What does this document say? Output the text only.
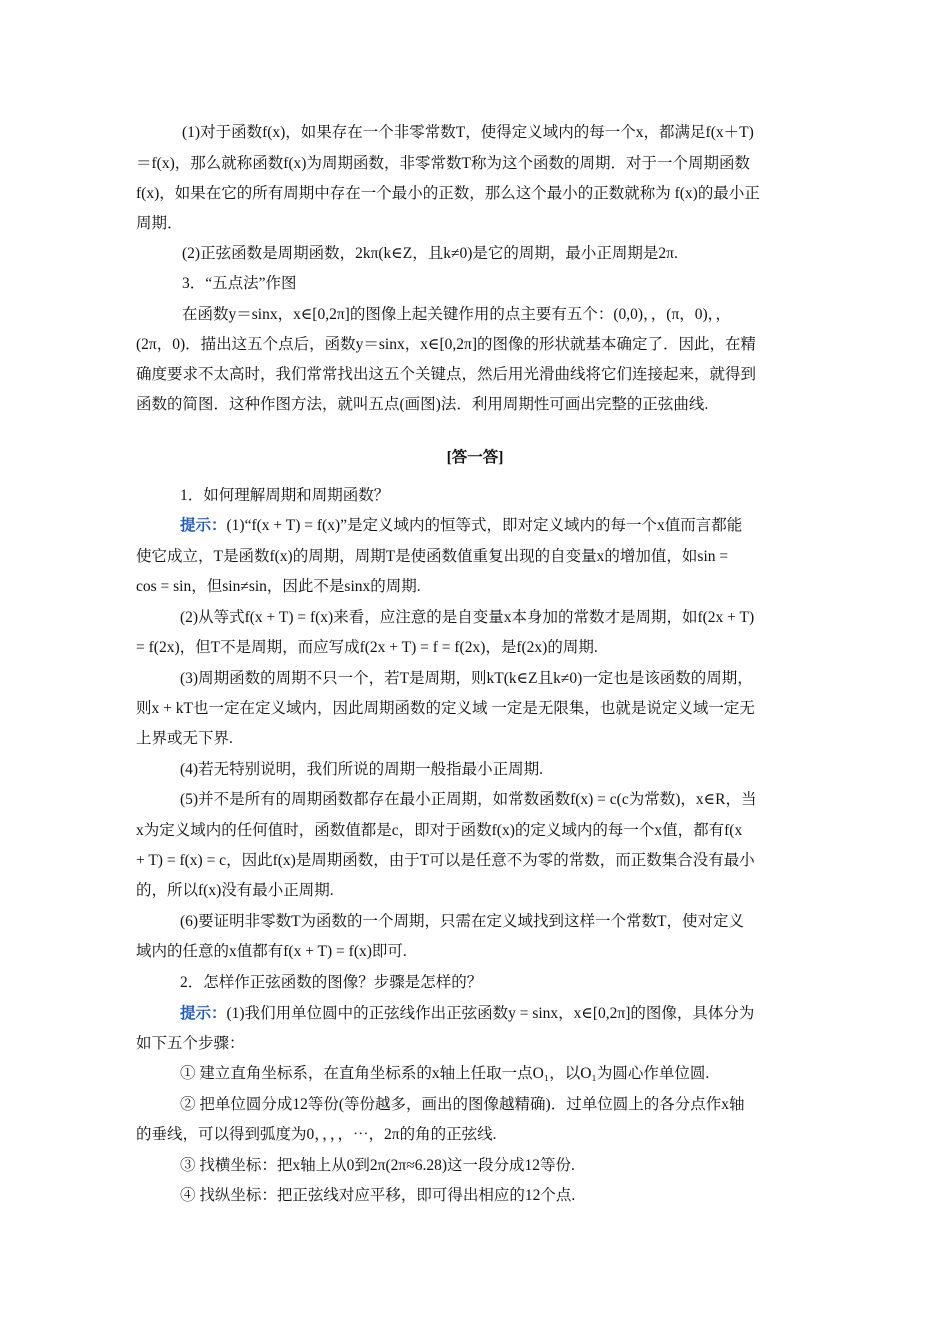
(1)对于函数f(x)，如果存在一个非零常数T，使得定义域内的每一个x，都满足f(x＋T)
＝f(x)，那么就称函数f(x)为周期函数，非零常数T称为这个函数的周期．对于一个周期函数
f(x)，如果在它的所有周期中存在一个最小的正数，那么这个最小的正数就称为 f(x)的最小正
周期．
(2)正弦函数是周期函数，2kπ(k∈Z，且k≠0)是它的周期，最小正周期是2π.
3．“五点法”作图
在函数y＝sinx，x∈[0,2π]的图像上起关键作用的点主要有五个：(0,0)，，(π，0)，，
(2π，0)．描出这五个点后，函数y＝sinx，x∈[0,2π]的图像的形状就基本确定了．因此，在精
确度要求不太高时，我们常常找出这五个关键点，然后用光滑曲线将它们连接起来，就得到
函数的简图．这种作图方法，就叫五点(画图)法．利用周期性可画出完整的正弦曲线.
[答一答]
1．如何理解周期和周期函数？
提示：(1)“f(x + T) = f(x)”是定义域内的恒等式，即对定义域内的每一个x值而言都能
使它成立，T是函数f(x)的周期，周期T是使函数值重复出现的自变量x的增加值，如sin =
cos = sin，但sin≠sin，因此不是sinx的周期.
(2)从等式f(x + T) = f(x)来看，应注意的是自变量x本身加的常数才是周期，如f(2x + T)
= f(2x)，但T不是周期，而应写成f(2x + T) = f = f(2x)，是f(2x)的周期.
(3)周期函数的周期不只一个，若T是周期，则kT(k∈Z且k≠0)一定也是该函数的周期，
则x + kT也一定在定义域内，因此周期函数的定义域 一定是无限集，也就是说定义域一定无
上界或无下界.
(4)若无特别说明，我们所说的周期一般指最小正周期.
(5)并不是所有的周期函数都存在最小正周期，如常数函数f(x) = c(c为常数)，x∈R，当
x为定义域内的任何值时，函数值都是c，即对于函数f(x)的定义域内的每一个x值，都有f(x
+ T) = f(x) = c，因此f(x)是周期函数，由于T可以是任意不为零的常数，而正数集合没有最小
的，所以f(x)没有最小正周期.
(6)要证明非零数T为函数的一个周期，只需在定义域找到这样一个常数T，使对定义
域内的任意的x值都有f(x + T) = f(x)即可.
2．怎样作正弦函数的图像？步骤是怎样的？
提示：(1)我们用单位圆中的正弦线作出正弦函数y = sinx，x∈[0,2π]的图像，具体分为
如下五个步骤：
① 建立直角坐标系，在直角坐标系的x轴上任取一点O₁，以O₁为圆心作单位圆.
② 把单位圆分成12等份(等份越多，画出的图像越精确)．过单位圆上的各分点作x轴
的垂线，可以得到弧度为0，，，，⋯，2π的角的正弦线.
③ 找横坐标：把x轴上从0到2π(2π≈6.28)这一段分成12等份.
④ 找纵坐标：把正弦线对应平移，即可得出相应的12个点.
